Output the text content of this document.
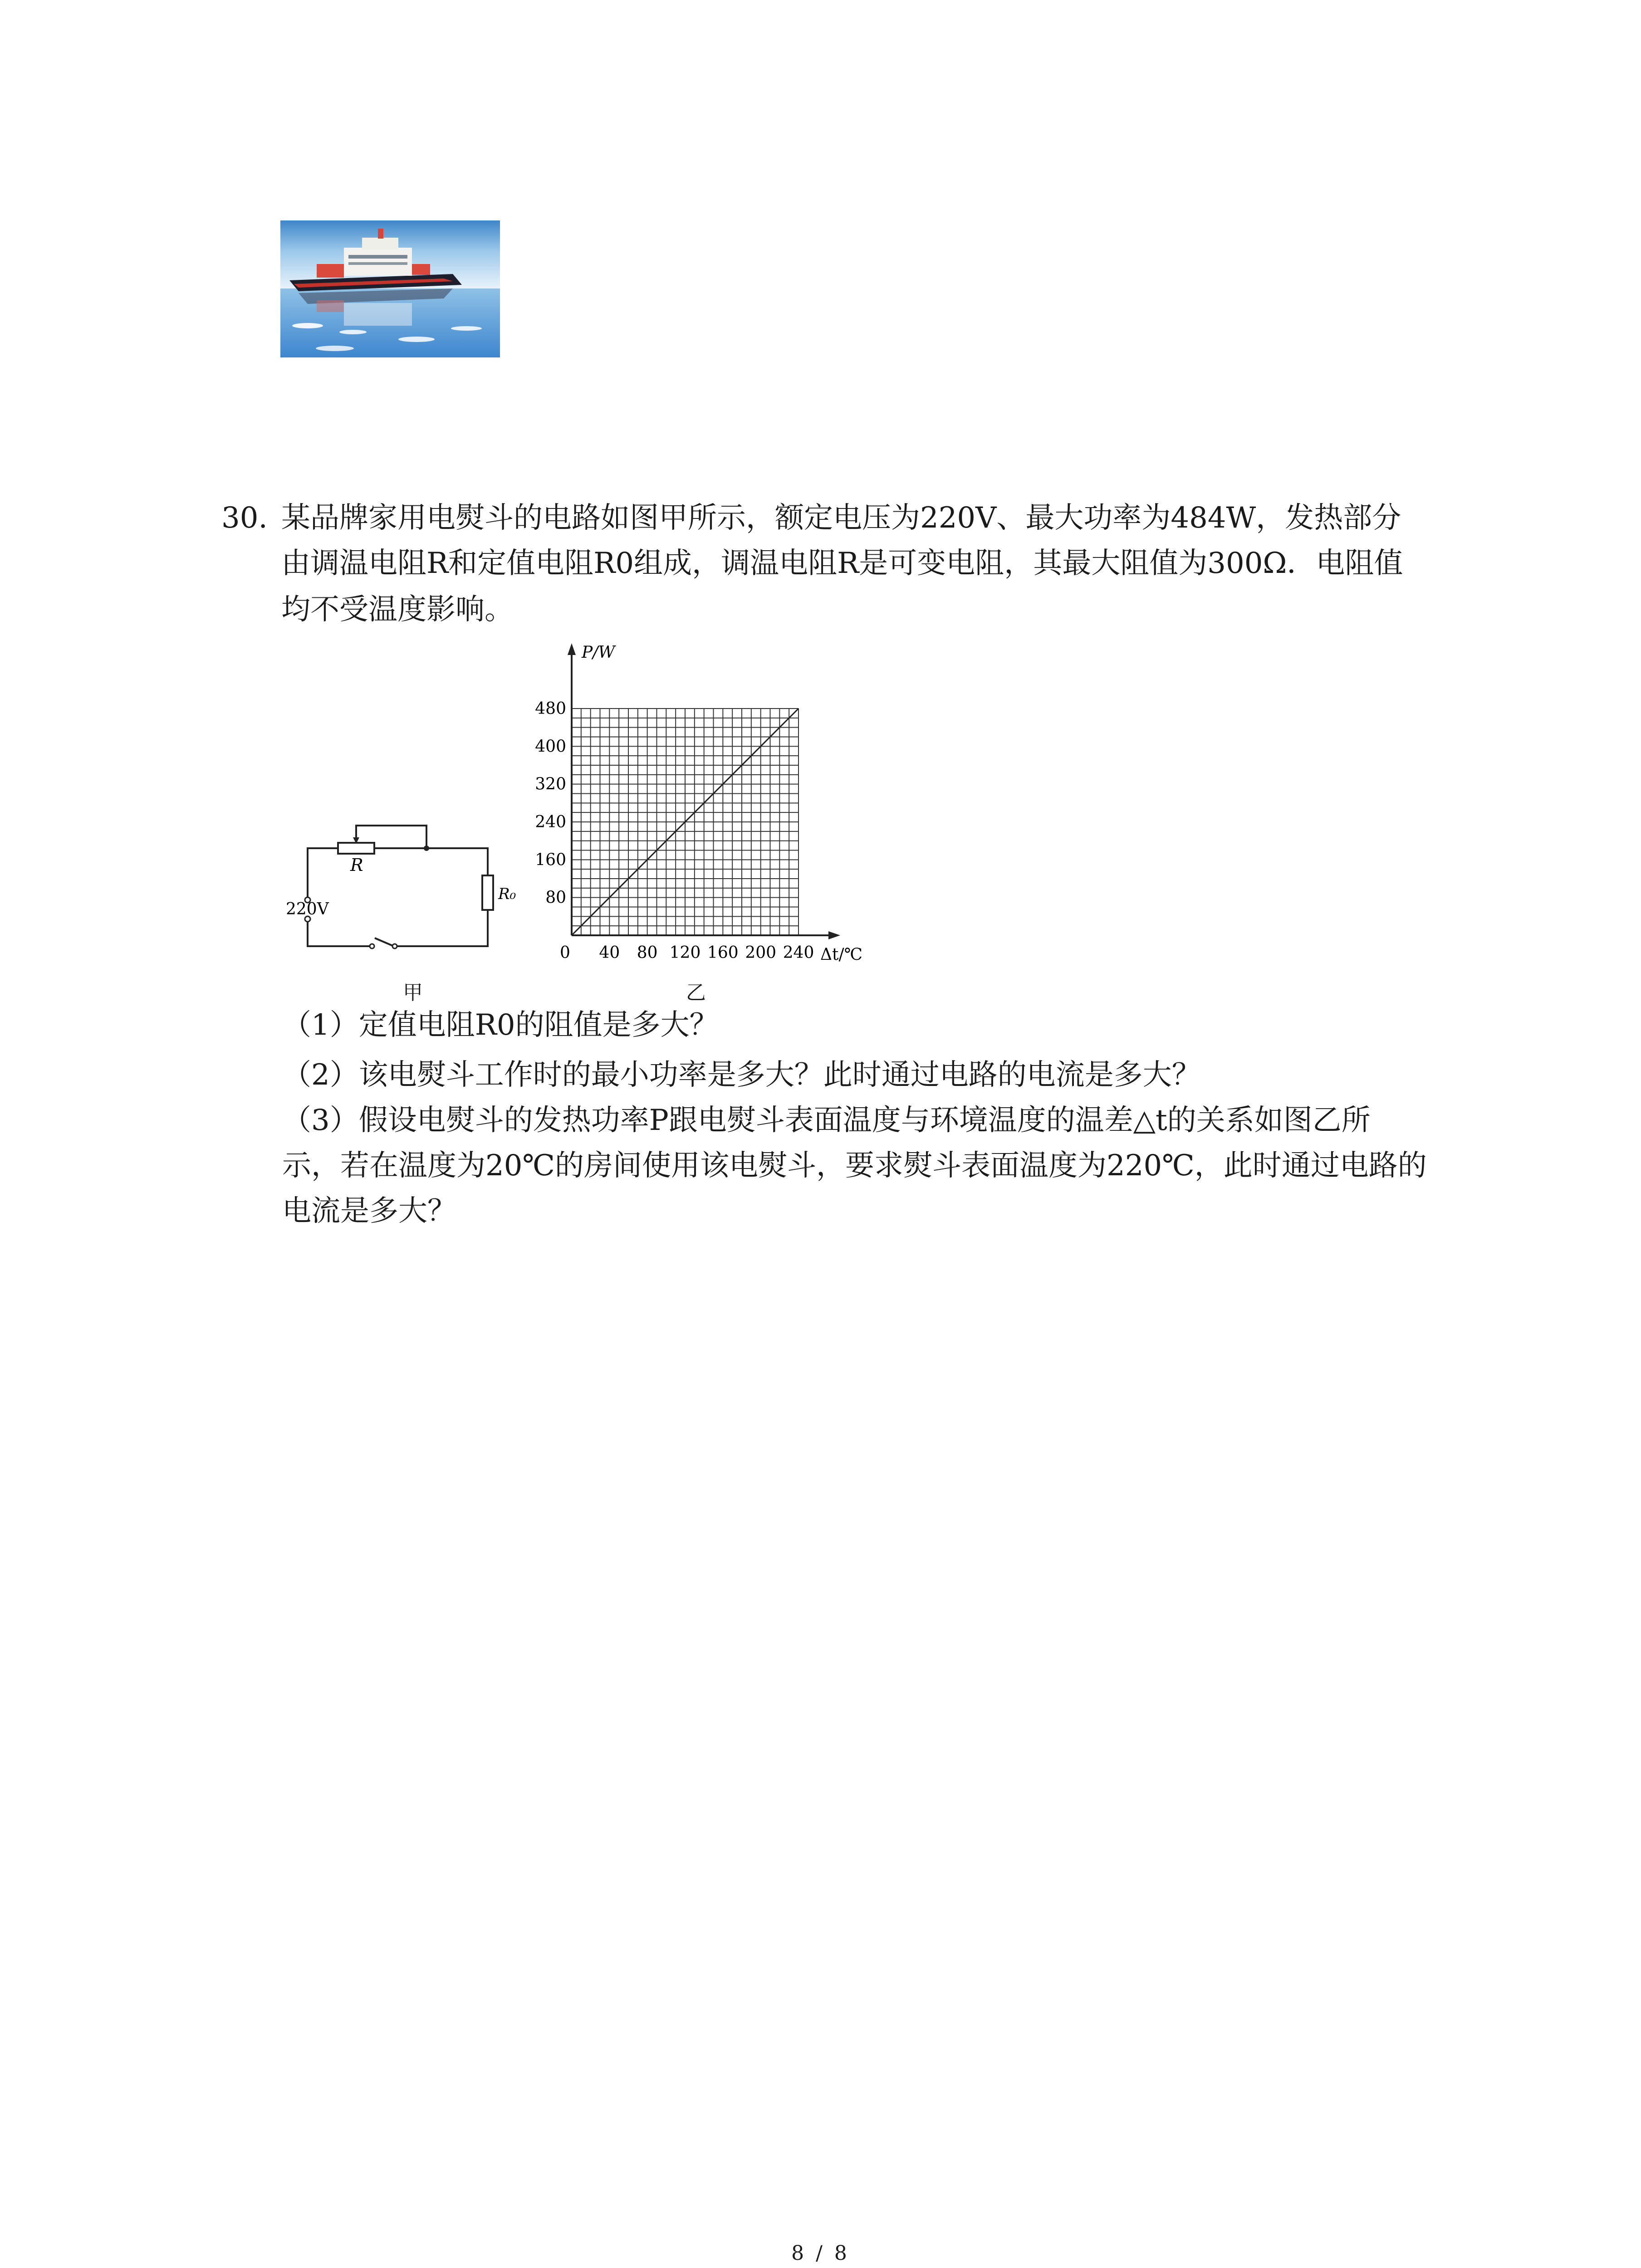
30. 某品牌家用电熨斗的电路如图甲所示，额定电压为220V、最大功率为484W，发热部分
由调温电阻R和定值电阻R0组成，调温电阻R是可变电阻，其最大阻值为300Ω．电阻值
均不受温度影响。
R
R₀
220V
甲
40 80 120 160 200 240
80
160
240
320
400
480
P/W
Δt/℃
0
乙
（1）定值电阻R0的阻值是多大？
（2）该电熨斗工作时的最小功率是多大？此时通过电路的电流是多大？
（3）假设电熨斗的发热功率P跟电熨斗表面温度与环境温度的温差△t的关系如图乙所
示，若在温度为20℃的房间使用该电熨斗，要求熨斗表面温度为220℃，此时通过电路的
电流是多大？
8 / 8
